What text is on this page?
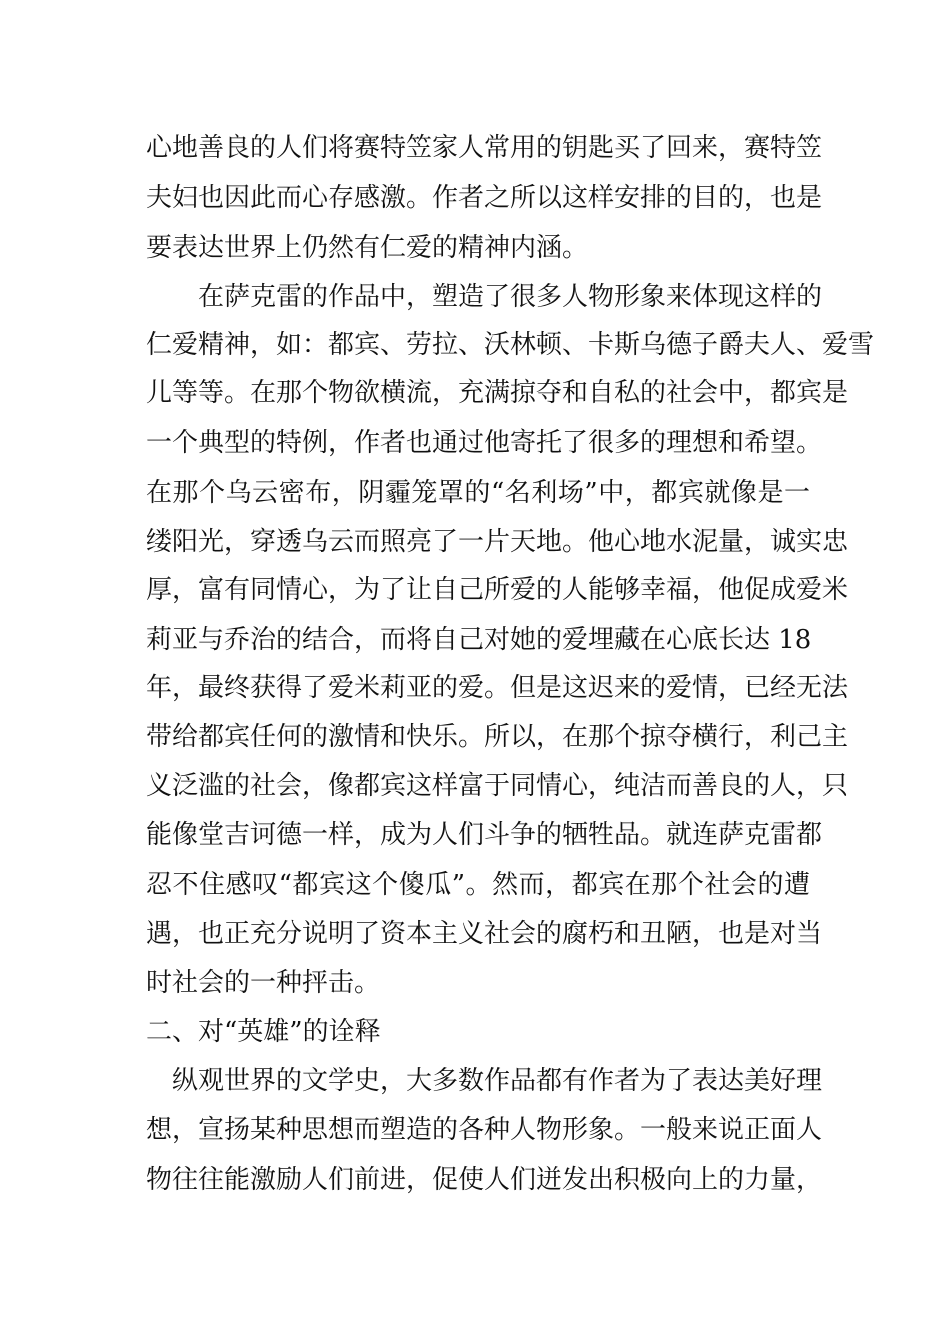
心地善良的人们将赛特笠家人常用的钥匙买了回来，赛特笠
夫妇也因此而心存感激。作者之所以这样安排的目的，也是
要表达世界上仍然有仁爱的精神内涵。
在萨克雷的作品中，塑造了很多人物形象来体现这样的
仁爱精神，如：都宾、劳拉、沃林顿、卡斯乌德子爵夫人、爱雪
儿等等。在那个物欲横流，充满掠夺和自私的社会中，都宾是
一个典型的特例，作者也通过他寄托了很多的理想和希望。
在那个乌云密布，阴霾笼罩的“名利场”中，都宾就像是一
缕阳光，穿透乌云而照亮了一片天地。他心地水泥量，诚实忠
厚，富有同情心，为了让自己所爱的人能够幸福，他促成爱米
莉亚与乔治的结合，而将自己对她的爱埋藏在心底长达 18
年，最终获得了爱米莉亚的爱。但是这迟来的爱情，已经无法
带给都宾任何的激情和快乐。所以，在那个掠夺横行，利己主
义泛滥的社会，像都宾这样富于同情心，纯洁而善良的人，只
能像堂吉诃德一样，成为人们斗争的牺牲品。就连萨克雷都
忍不住感叹“都宾这个傻瓜”。然而，都宾在那个社会的遭
遇，也正充分说明了资本主义社会的腐朽和丑陋，也是对当
时社会的一种抨击。
二、对“英雄”的诠释
纵观世界的文学史，大多数作品都有作者为了表达美好理
想，宣扬某种思想而塑造的各种人物形象。一般来说正面人
物往往能激励人们前进，促使人们迸发出积极向上的力量，
